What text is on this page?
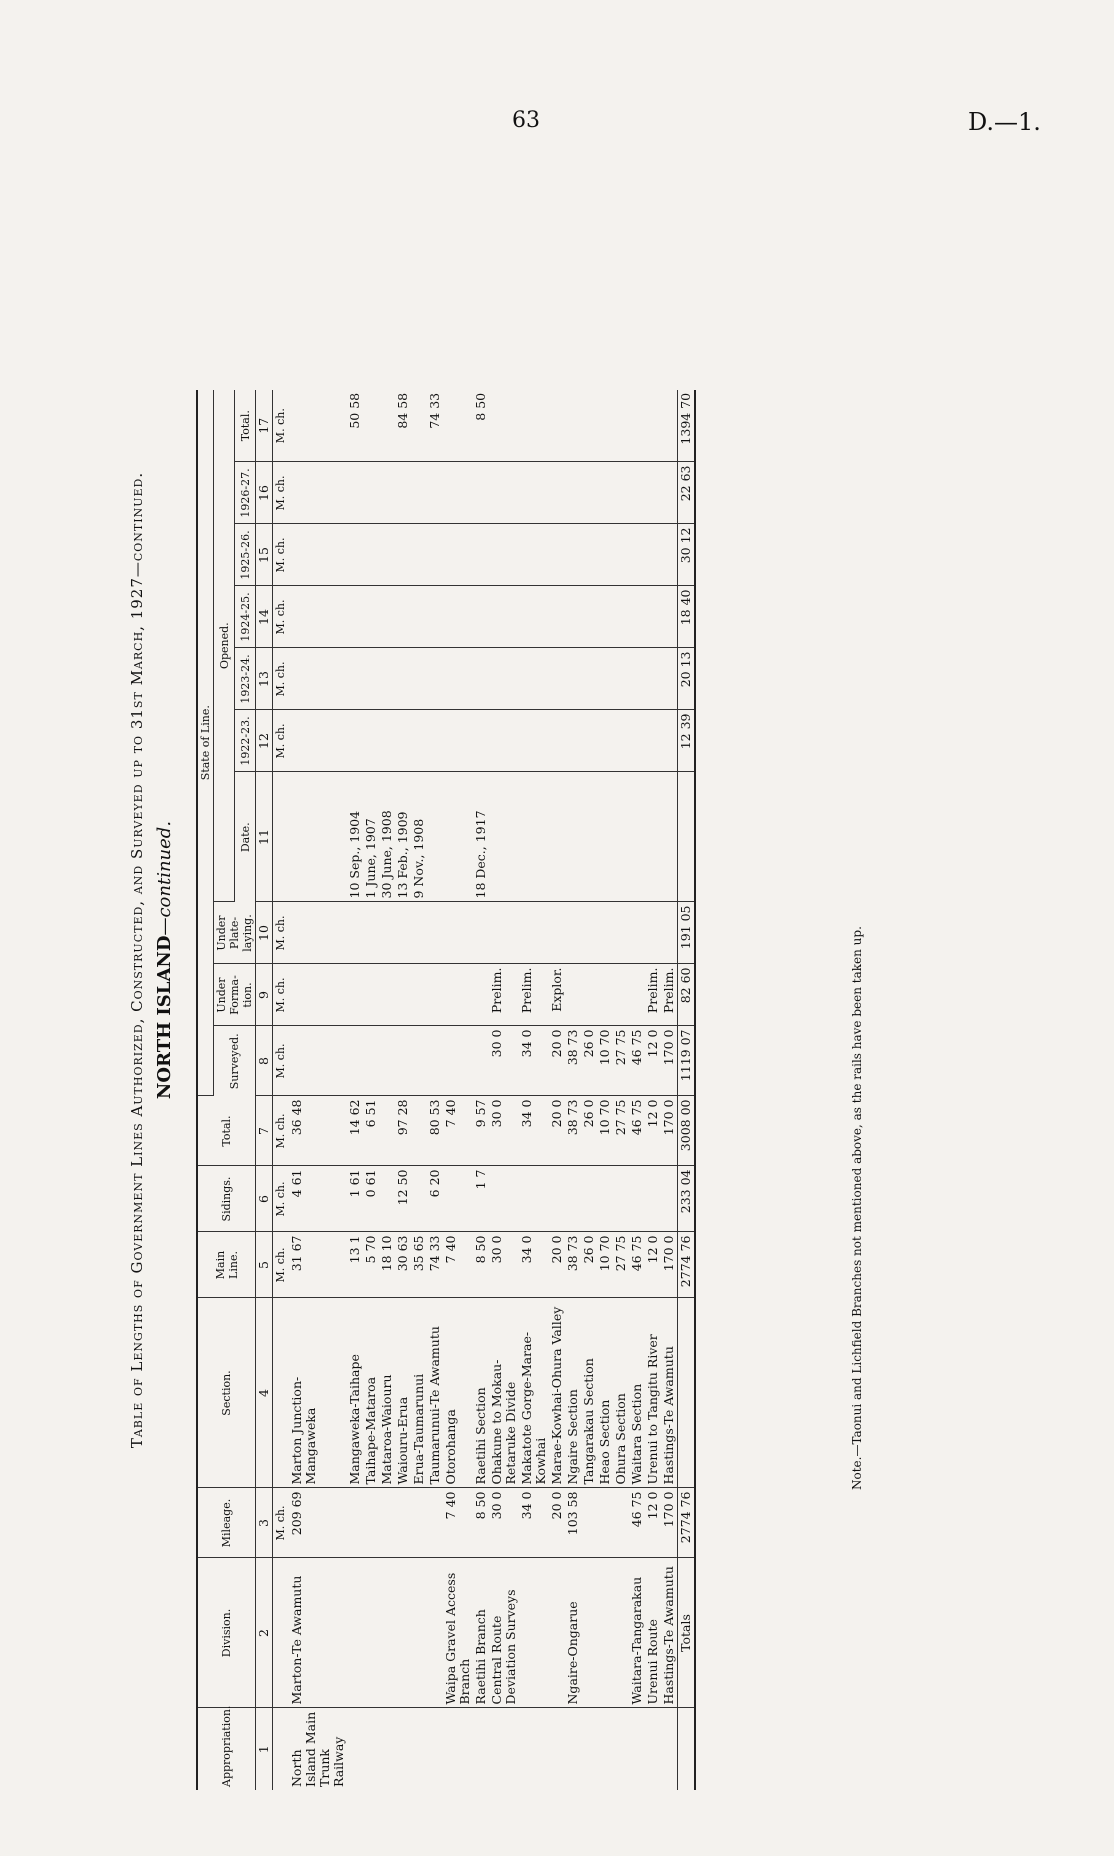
63	D.—1.
Table of Lengths of Government Lines Authorized, Constructed, and Surveyed up to 31st March, 1927—continued. NORTH ISLAND—continued.
Appropriation.	Division.	Mileage.	Section.	Main Line.	Sidings.	Total.	State of Line.									
							Surveyed.	Under Forma-tion.	Under Plate-laying.	Opened.						
										Date.	1922-23.	1923-24.	1924-25.	1925-26.	1926-27.	Total.
1	2	3	4	5	6	7	8	9	10	11	12	13	14	15	16	17
		M. ch.		M. ch.	M. ch.	M. ch.	M. ch.	M. ch.	M. ch.		M. ch.	M. ch.	M. ch.	M. ch.	M. ch.	M. ch.
North Island Main Trunk Railway	Marton-Te Awamutu	209 69	Marton Junction-Mangaweka	31 67	4 61	36 48										
			Mangaweka-Taihape	13 1	1 61	14 62				10 Sep., 1904						50 58
			Taihape-Mataroa	5 70	0 61	6 51				1 June, 1907						
			Mataroa-Waiouru	18 10						30 June, 1908						
			Waiouru-Erua	30 63	12 50	97 28				13 Feb., 1909						84 58
			Erua-Taumarunui	35 65						9 Nov., 1908						
			Taumarunui-Te Awamutu	74 33	6 20	80 53										74 33
	Waipa Gravel Access Branch	7 40	Otorohanga	7 40		7 40										
	Raetihi Branch	8 50	Raetihi Section	8 50	1 7	9 57				18 Dec., 1917						8 50
	Central Route Deviation Surveys	30 0	Ohakune to Mokau-Retaruke Divide	30 0		30 0	30 0	Prelim.								
		34 0	Makatote Gorge-Marae-Kowhai	34 0		34 0	34 0	Prelim.								
		20 0	Marae-Kowhai-Ohura Valley	20 0		20 0	20 0	Explor.								
	Ngaire-Ongarue	103 58	Ngaire Section	38 73		38 73	38 73									
			Tangarakau Section	26 0		26 0	26 0									
			Heao Section	10 70		10 70	10 70									
			Ohura Section	27 75		27 75	27 75									
	Waitara-Tangarakau	46 75	Waitara Section	46 75		46 75	46 75									
	Urenui Route	12 0	Urenui to Tangitu River	12 0		12 0	12 0	Prelim.								
	Hastings-Te Awamutu	170 0	Hastings-Te Awamutu	170 0		170 0	170 0	Prelim.								
	Totals	2774 76		2774 76	233 04	3008 00	1119 07	82 60	191 05		12 39	20 13	18 40	30 12	22 63	1394 70
Note.—Taonui and Lichfield Branches not mentioned above, as the rails have been taken up.
